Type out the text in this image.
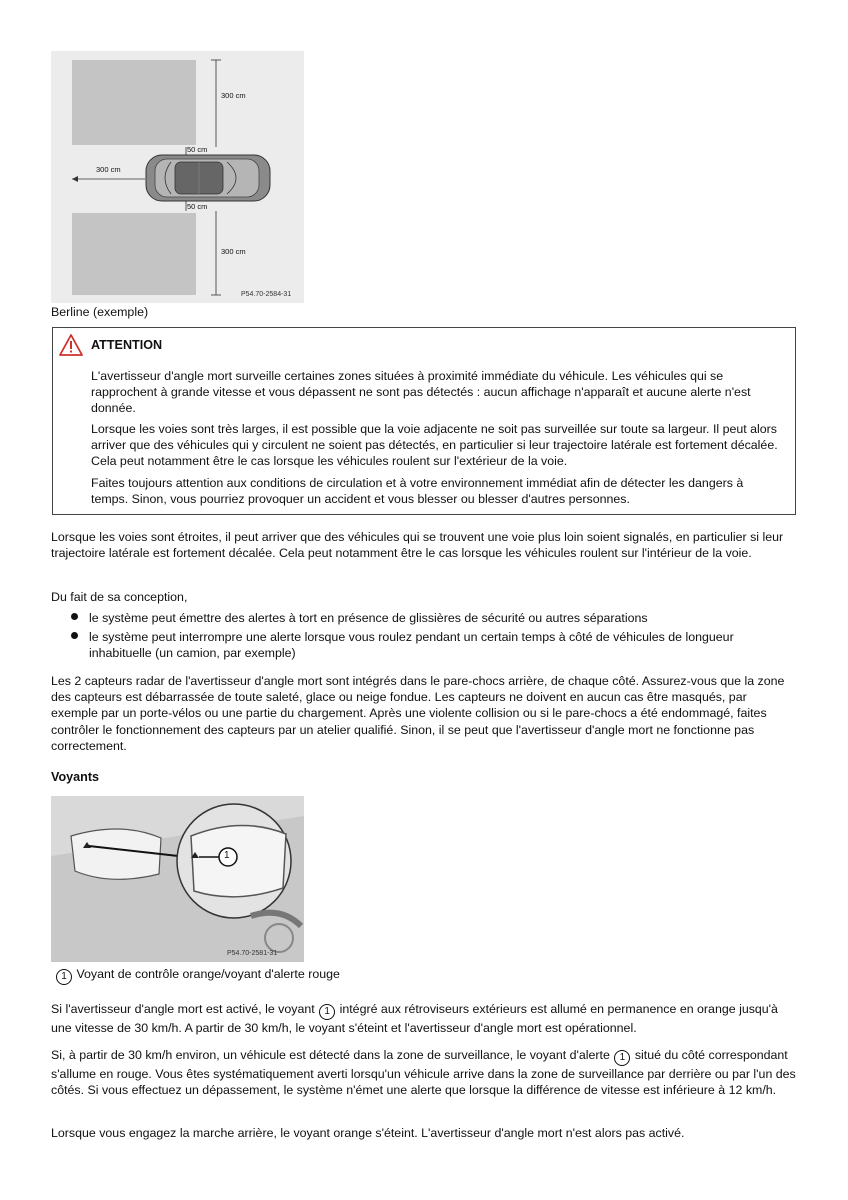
300 cm
300 cm
50 cm
50 cm
300 cm
P54.70-2584-31
Berline (exemple)
ATTENTION

L'avertisseur d'angle mort surveille certaines zones situées à proximité immédiate du véhicule. Les véhicules qui se rapprochent à grande vitesse et vous dépassent ne sont pas détectés : aucun affichage n'apparaît et aucune alerte n'est donnée.

Lorsque les voies sont très larges, il est possible que la voie adjacente ne soit pas surveillée sur toute sa largeur. Il peut alors arriver que des véhicules qui y circulent ne soient pas détectés, en particulier si leur trajectoire latérale est fortement décalée. Cela peut notamment être le cas lorsque les véhicules roulent sur l'extérieur de la voie.

Faites toujours attention aux conditions de circulation et à votre environnement immédiat afin de détecter les dangers à temps. Sinon, vous pourriez provoquer un accident et vous blesser ou blesser d'autres personnes.

Lorsque les voies sont étroites, il peut arriver que des véhicules qui se trouvent une voie plus loin soient signalés, en particulier si leur trajectoire latérale est fortement décalée. Cela peut notamment être le cas lorsque les véhicules roulent sur l'intérieur de la voie.

Du fait de sa conception,

le système peut émettre des alertes à tort en présence de glissières de sécurité ou autres séparations
le système peut interrompre une alerte lorsque vous roulez pendant un certain temps à côté de véhicules de longueur inhabituelle (un camion, par exemple)

Les 2 capteurs radar de l'avertisseur d'angle mort sont intégrés dans le pare-chocs arrière, de chaque côté. Assurez-vous que la zone des capteurs est débarrassée de toute saleté, glace ou neige fondue. Les capteurs ne doivent en aucun cas être masqués, par exemple par un porte-vélos ou une partie du chargement. Après une violente collision ou si le pare-chocs a été endommagé, faites contrôler le fonctionnement des capteurs par un atelier qualifié. Sinon, il se peut que l'avertisseur d'angle mort ne fonctionne pas correctement.

Voyants
1
P54.70-2581-31
1 Voyant de contrôle orange/voyant d'alerte rouge

Si l'avertisseur d'angle mort est activé, le voyant 1 intégré aux rétroviseurs extérieurs est allumé en permanence en orange jusqu'à une vitesse de 30 km/h. A partir de 30 km/h, le voyant s'éteint et l'avertisseur d'angle mort est opérationnel.

Si, à partir de 30 km/h environ, un véhicule est détecté dans la zone de surveillance, le voyant d'alerte 1 situé du côté correspondant s'allume en rouge. Vous êtes systématiquement averti lorsqu'un véhicule arrive dans la zone de surveillance par derrière ou par l'un des côtés. Si vous effectuez un dépassement, le système n'émet une alerte que lorsque la différence de vitesse est inférieure à 12 km/h.

Lorsque vous engagez la marche arrière, le voyant orange s'éteint. L'avertisseur d'angle mort n'est alors pas activé.
